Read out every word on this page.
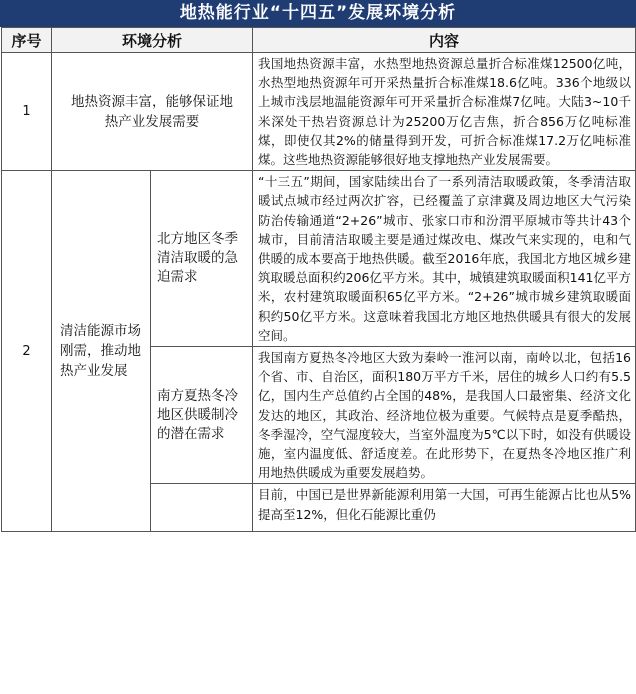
地热能行业“十四五”发展环境分析
序号	环境分析		内容
1	地热资源丰富，能够保证地热产业发展需要		我国地热资源丰富，水热型地热资源总量折合标准煤12500亿吨，水热型地热资源年可开采热量折合标准煤18.6亿吨。336个地级以上城市浅层地温能资源年可开采量折合标准煤7亿吨。大陆3~10千米深处干热岩资源总计为25200万亿吉焦，折合856万亿吨标准煤，即使仅其2%的储量得到开发，可折合标准煤17.2万亿吨标准煤。这些地热资源能够很好地支撑地热产业发展需要。
2	清洁能源市场刚需，推动地热产业发展	北方地区冬季清洁取暖的急迫需求	“十三五”期间，国家陆续出台了一系列清洁取暖政策，冬季清洁取暖试点城市经过两次扩容，已经覆盖了京津冀及周边地区大气污染防治传输通道“2+26”城市、张家口市和汾渭平原城市等共计43个城市，目前清洁取暖主要是通过煤改电、煤改气来实现的，电和气供暖的成本要高于地热供暖。截至2016年底，我国北方地区城乡建筑取暖总面积约206亿平方米。其中，城镇建筑取暖面积141亿平方米，农村建筑取暖面积65亿平方米。“2+26”城市城乡建筑取暖面积约50亿平方米。这意味着我国北方地区地热供暖具有很大的发展空间。
		南方夏热冬冷地区供暖制冷的潜在需求	我国南方夏热冬冷地区大致为秦岭一淮河以南，南岭以北，包括16个省、市、自治区，面积180万平方千米，居住的城乡人口约有5.5亿，国内生产总值约占全国的48%，是我国人口最密集、经济文化发达的地区，其政治、经济地位极为重要。气候特点是夏季酷热，冬季湿冷，空气湿度较大，当室外温度为5℃以下时，如没有供暖设施，室内温度低、舒适度差。在此形势下，在夏热冬冷地区推广利用地热供暖成为重要发展趋势。

			目前，中国已是世界新能源利用第一大国，可再生能源占比也从5%提高至12%，但化石能源比重仍
